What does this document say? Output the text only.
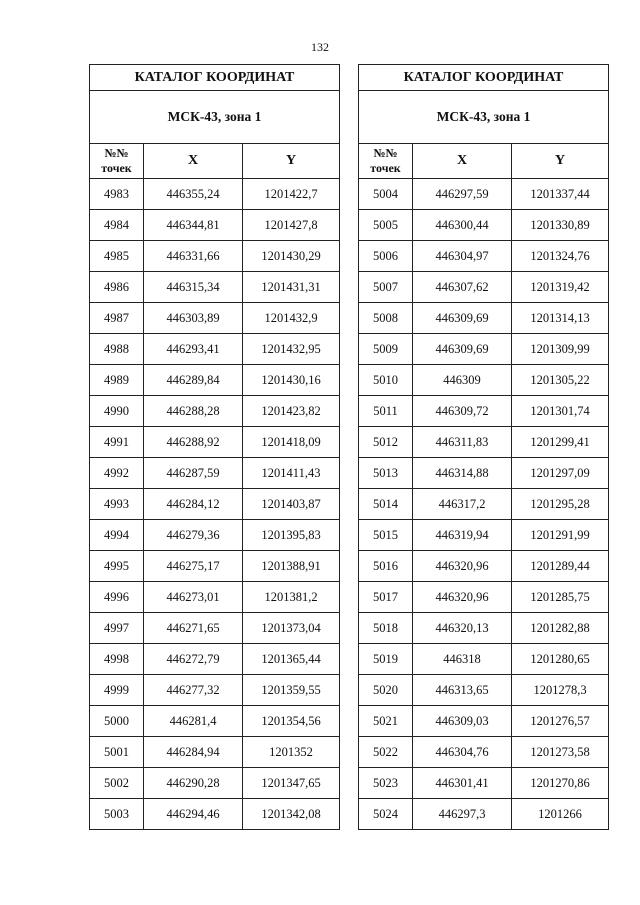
132
КАТАЛОГ КООРДИНАТ		
МСК-43, зона 1		
№№
точек	X	Y
4983	446355,24	1201422,7
4984	446344,81	1201427,8
4985	446331,66	1201430,29
4986	446315,34	1201431,31
4987	446303,89	1201432,9
4988	446293,41	1201432,95
4989	446289,84	1201430,16
4990	446288,28	1201423,82
4991	446288,92	1201418,09
4992	446287,59	1201411,43
4993	446284,12	1201403,87
4994	446279,36	1201395,83
4995	446275,17	1201388,91
4996	446273,01	1201381,2
4997	446271,65	1201373,04
4998	446272,79	1201365,44
4999	446277,32	1201359,55
5000	446281,4	1201354,56
5001	446284,94	1201352
5002	446290,28	1201347,65
5003	446294,46	1201342,08
КАТАЛОГ КООРДИНАТ		
МСК-43, зона 1		
№№
точек	X	Y
5004	446297,59	1201337,44
5005	446300,44	1201330,89
5006	446304,97	1201324,76
5007	446307,62	1201319,42
5008	446309,69	1201314,13
5009	446309,69	1201309,99
5010	446309	1201305,22
5011	446309,72	1201301,74
5012	446311,83	1201299,41
5013	446314,88	1201297,09
5014	446317,2	1201295,28
5015	446319,94	1201291,99
5016	446320,96	1201289,44
5017	446320,96	1201285,75
5018	446320,13	1201282,88
5019	446318	1201280,65
5020	446313,65	1201278,3
5021	446309,03	1201276,57
5022	446304,76	1201273,58
5023	446301,41	1201270,86
5024	446297,3	1201266
